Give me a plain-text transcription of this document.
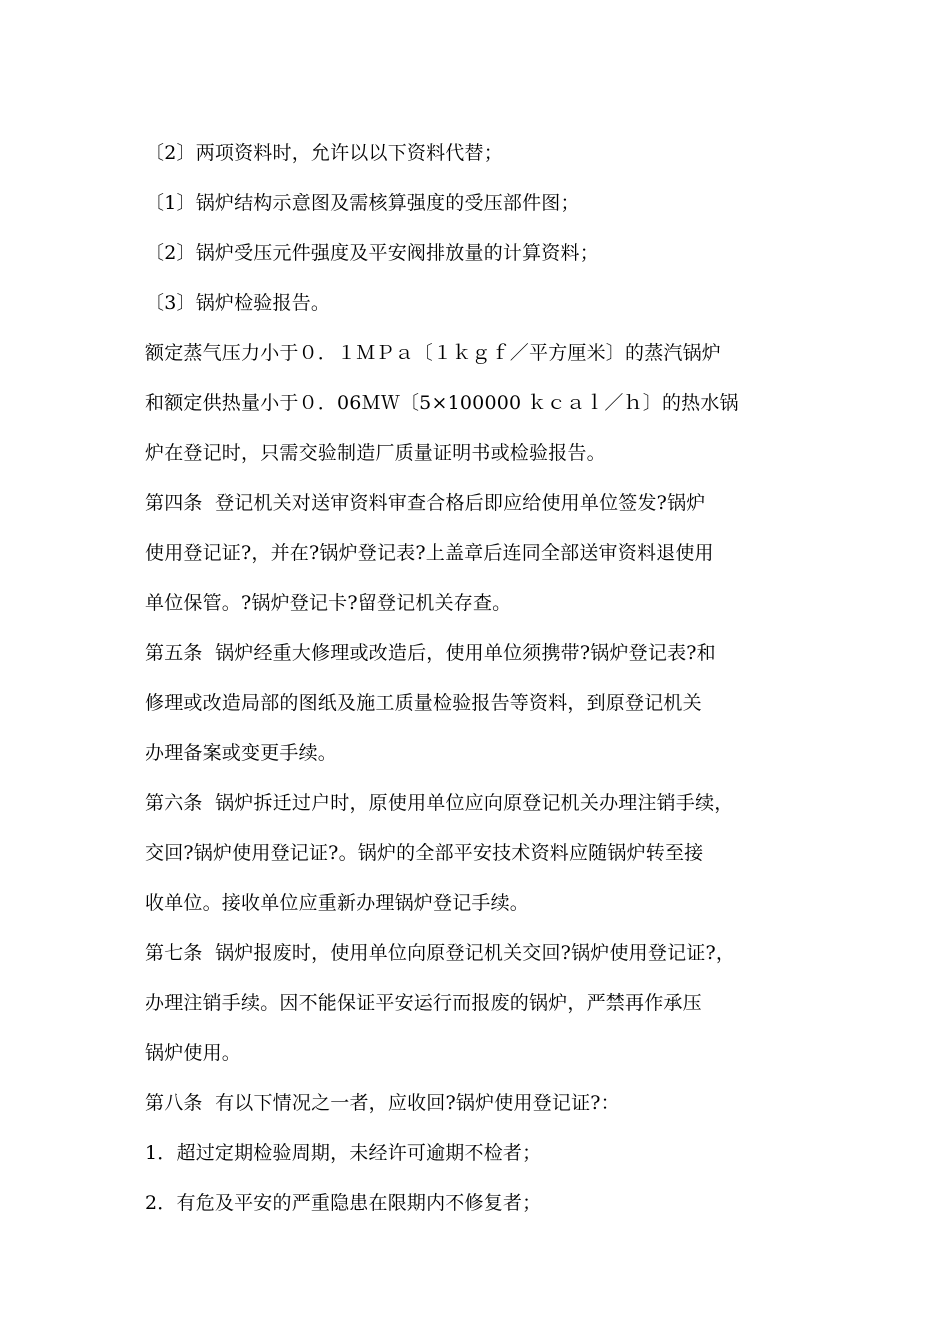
〔2〕两项资料时，允许以以下资料代替；
〔1〕锅炉结构示意图及需核算强度的受压部件图；
〔2〕锅炉受压元件强度及平安阀排放量的计算资料；
〔3〕锅炉检验报告。
额定蒸气压力小于０．１ＭＰａ〔１ｋｇｆ／平方厘米〕的蒸汽锅炉
和额定供热量小于０．06ＭＷ〔5×100000 ｋｃａｌ／ｈ〕的热水锅
炉在登记时，只需交验制造厂质量证明书或检验报告。
第四条  登记机关对送审资料审查合格后即应给使用单位签发?锅炉
使用登记证?，并在?锅炉登记表?上盖章后连同全部送审资料退使用
单位保管。?锅炉登记卡?留登记机关存查。
第五条  锅炉经重大修理或改造后，使用单位须携带?锅炉登记表?和
修理或改造局部的图纸及施工质量检验报告等资料，到原登记机关
办理备案或变更手续。
第六条  锅炉拆迁过户时，原使用单位应向原登记机关办理注销手续，
交回?锅炉使用登记证?。锅炉的全部平安技术资料应随锅炉转至接
收单位。接收单位应重新办理锅炉登记手续。
第七条  锅炉报废时，使用单位向原登记机关交回?锅炉使用登记证?，
办理注销手续。因不能保证平安运行而报废的锅炉，严禁再作承压
锅炉使用。
第八条  有以下情况之一者，应收回?锅炉使用登记证?：
1．超过定期检验周期，未经许可逾期不检者；
2．有危及平安的严重隐患在限期内不修复者；
